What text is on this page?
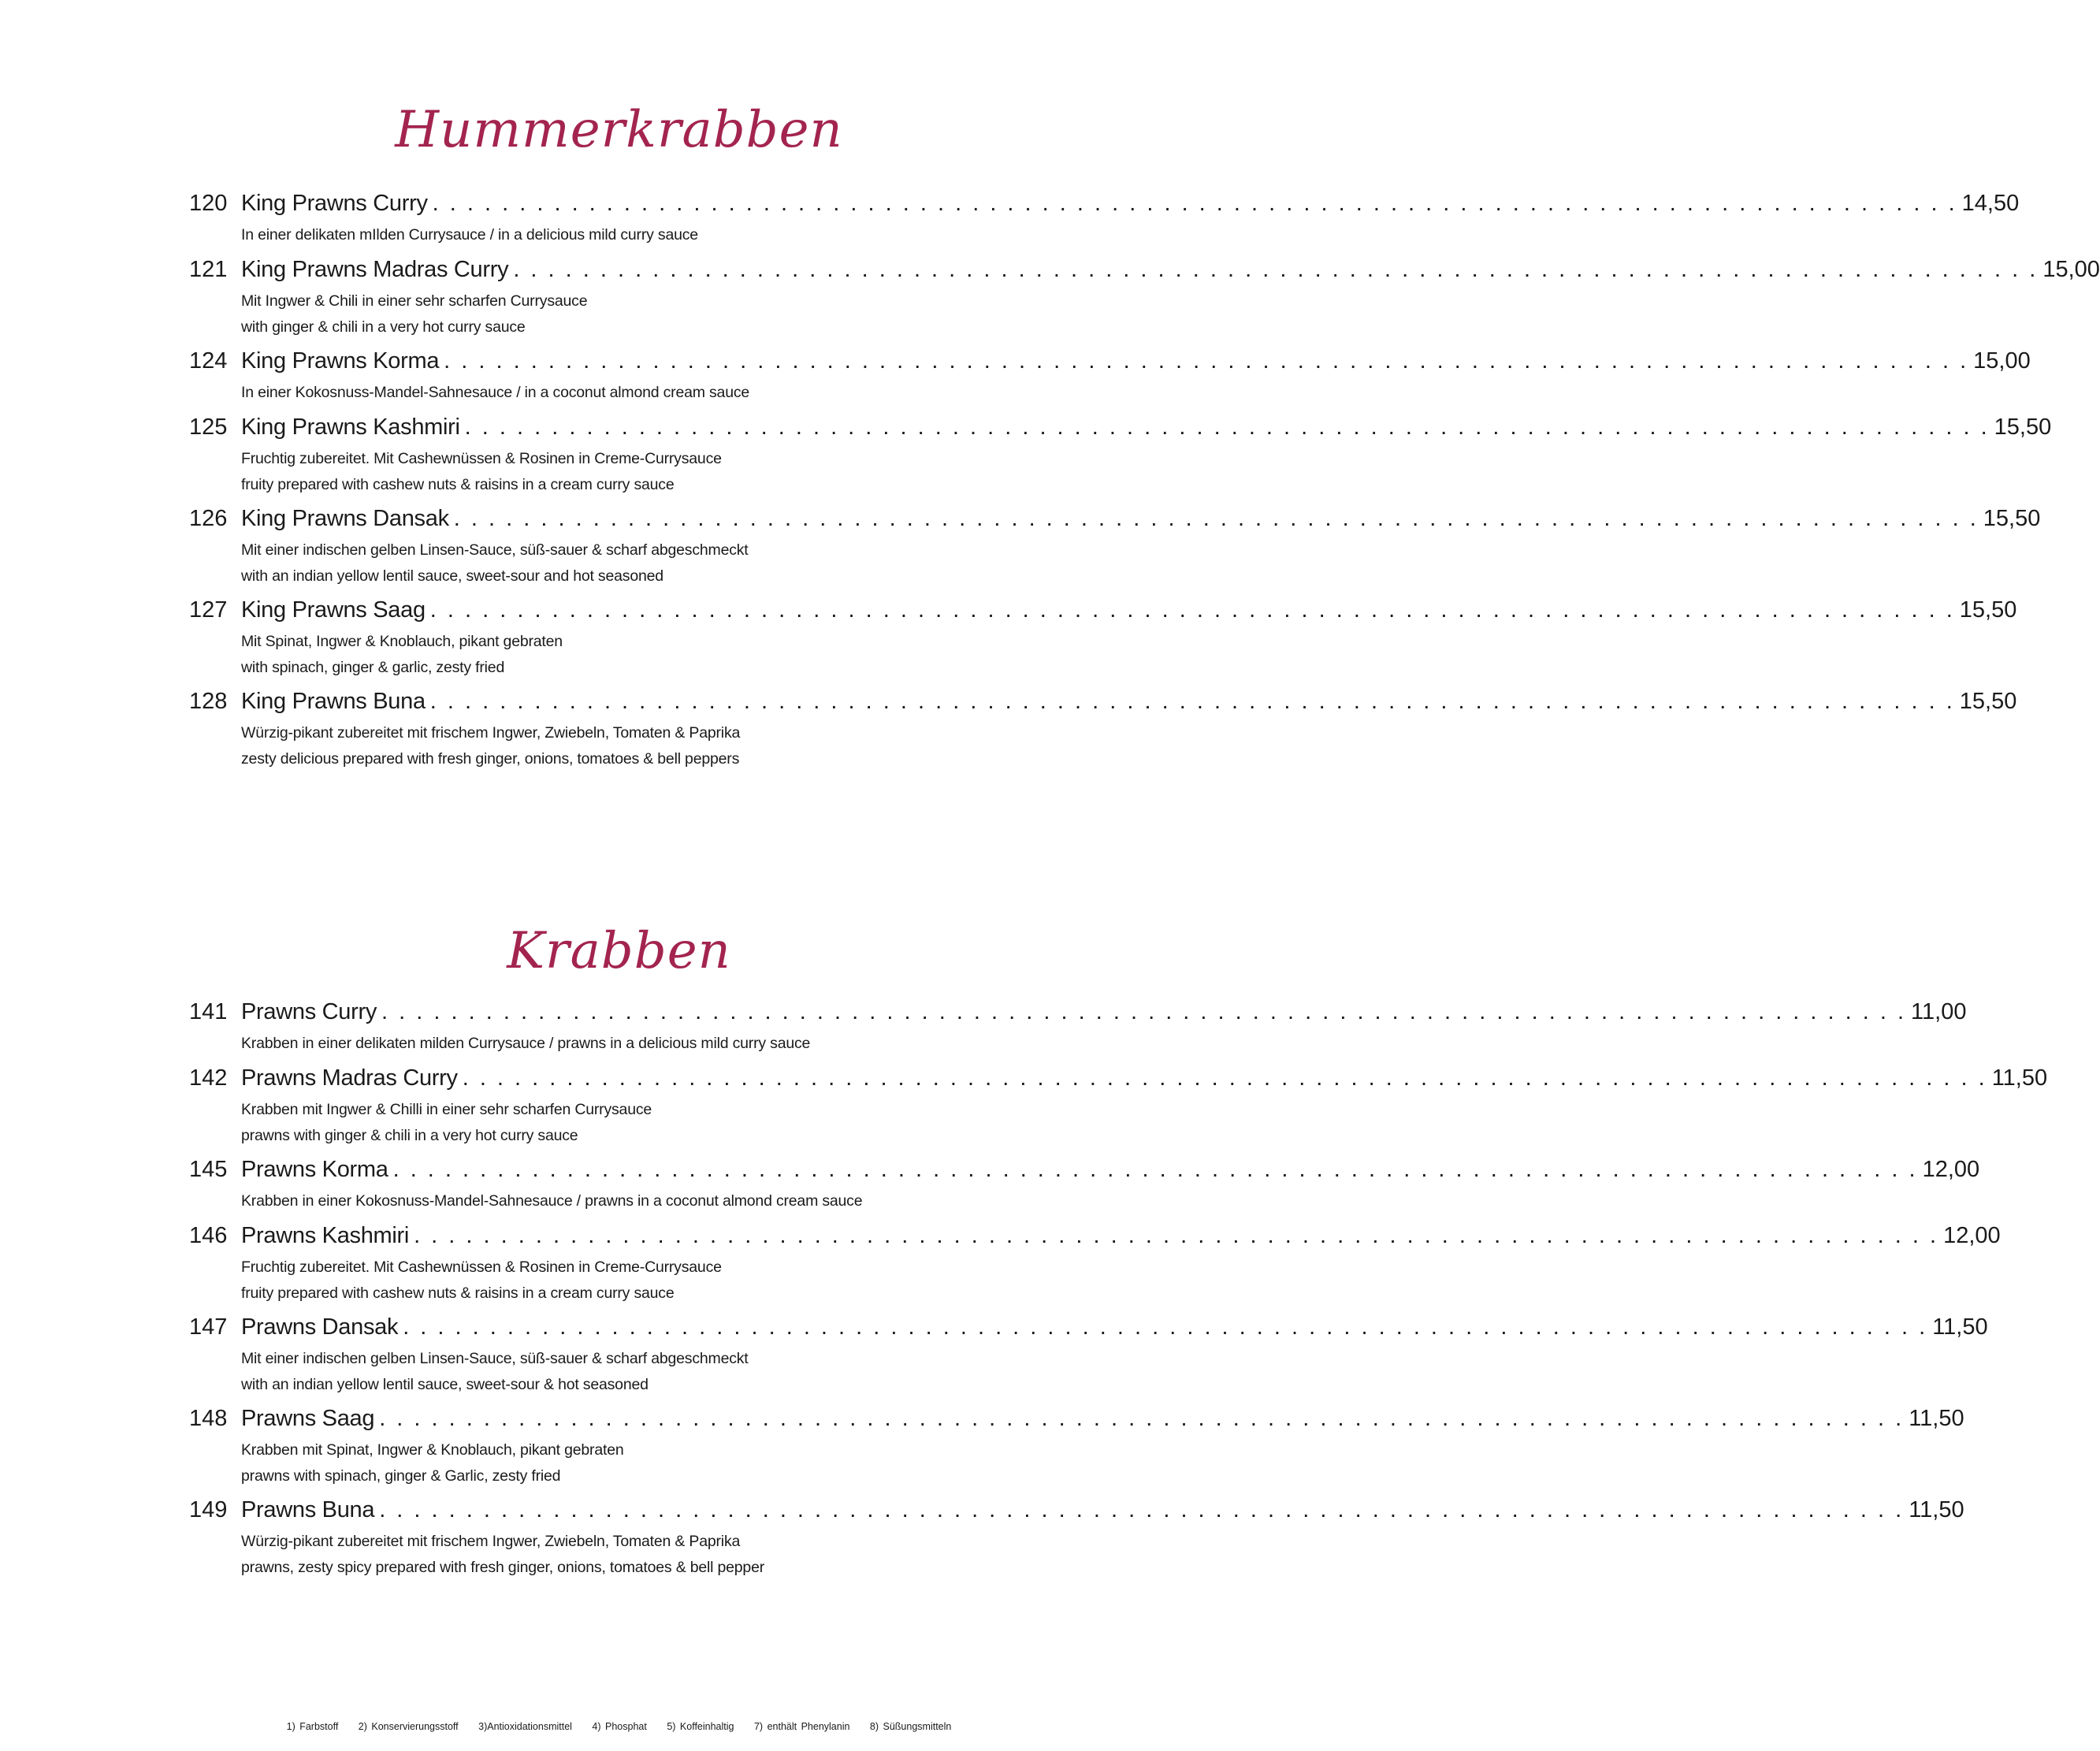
Hummerkrabben
120 King Prawns Curry . . .	14,50
In einer delikaten mIlden Currysauce / in a delicious mild curry sauce
121 King Prawns Madras Curry . . .	15,00
Mit Ingwer & Chili in einer sehr scharfen Currysauce
with ginger & chili in a very hot curry sauce
124 King Prawns Korma . . .	15,00
In einer Kokosnuss-Mandel-Sahnesauce / in a coconut almond cream sauce
125 King Prawns Kashmiri . . .	15,50
Fruchtig zubereitet. Mit Cashewnüssen & Rosinen in Creme-Currysauce
fruity prepared with cashew nuts & raisins in a cream curry sauce
126 King Prawns Dansak . . .	15,50
Mit einer indischen gelben Linsen-Sauce, süß-sauer & scharf abgeschmeckt
with an indian yellow lentil sauce, sweet-sour and hot seasoned
127 King Prawns Saag . . .	15,50
Mit Spinat, Ingwer & Knoblauch, pikant gebraten
with spinach, ginger & garlic, zesty fried
128 King Prawns Buna . . .	15,50
Würzig-pikant zubereitet mit frischem Ingwer, Zwiebeln, Tomaten & Paprika
zesty delicious prepared with fresh ginger, onions, tomatoes & bell peppers
Krabben
141 Prawns Curry . . .	11,00
Krabben in einer delikaten milden Currysauce / prawns in a delicious mild curry sauce
142 Prawns Madras Curry . . .	11,50
Krabben mit Ingwer & Chilli in einer sehr scharfen Currysauce
prawns with ginger & chili in a very hot curry sauce
145 Prawns Korma . . .	12,00
Krabben in einer Kokosnuss-Mandel-Sahnesauce / prawns in a coconut almond cream sauce
146 Prawns Kashmiri . . .	12,00
Fruchtig zubereitet. Mit Cashewnüssen & Rosinen in Creme-Currysauce
fruity prepared with cashew nuts & raisins in a cream curry sauce
147 Prawns Dansak . . .	11,50
Mit einer indischen gelben Linsen-Sauce, süß-sauer & scharf abgeschmeckt
with an indian yellow lentil sauce, sweet-sour & hot seasoned
148 Prawns Saag . . .	11,50
Krabben mit Spinat, Ingwer & Knoblauch, pikant gebraten
prawns with spinach, ginger & Garlic, zesty fried
149 Prawns Buna . . .	11,50
Würzig-pikant zubereitet mit frischem Ingwer, Zwiebeln, Tomaten & Paprika
prawns, zesty spicy prepared with fresh ginger, onions, tomatoes & bell pepper
1) Farbstoff 2) Konservierungsstoff 3)Antioxidationsmittel 4) Phosphat 5) Koffeinhaltig 7) enthält Phenylanin 8) Süßungsmitteln
